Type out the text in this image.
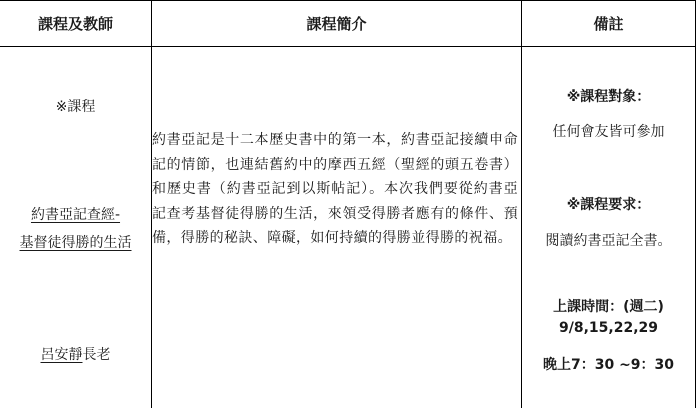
課程及教師	課程簡介	備註
※課程
約書亞記查經-
基督徒得勝的生活
呂安靜長老
約書亞記是十二本歷史書中的第一本，約書亞記接續申命記的情節，也連結舊約中的摩西五經（聖經的頭五卷書）和歷史書（約書亞記到以斯帖記）。本次我們要從約書亞記查考基督徒得勝的生活，來領受得勝者應有的條件、預備，得勝的秘訣、障礙，如何持續的得勝並得勝的祝福。
※課程對象：
任何會友皆可參加
※課程要求：
閱讀約書亞記全書。
上課時間：(週二)
9/8,15,22,29
晚上7：30 ~9：30
